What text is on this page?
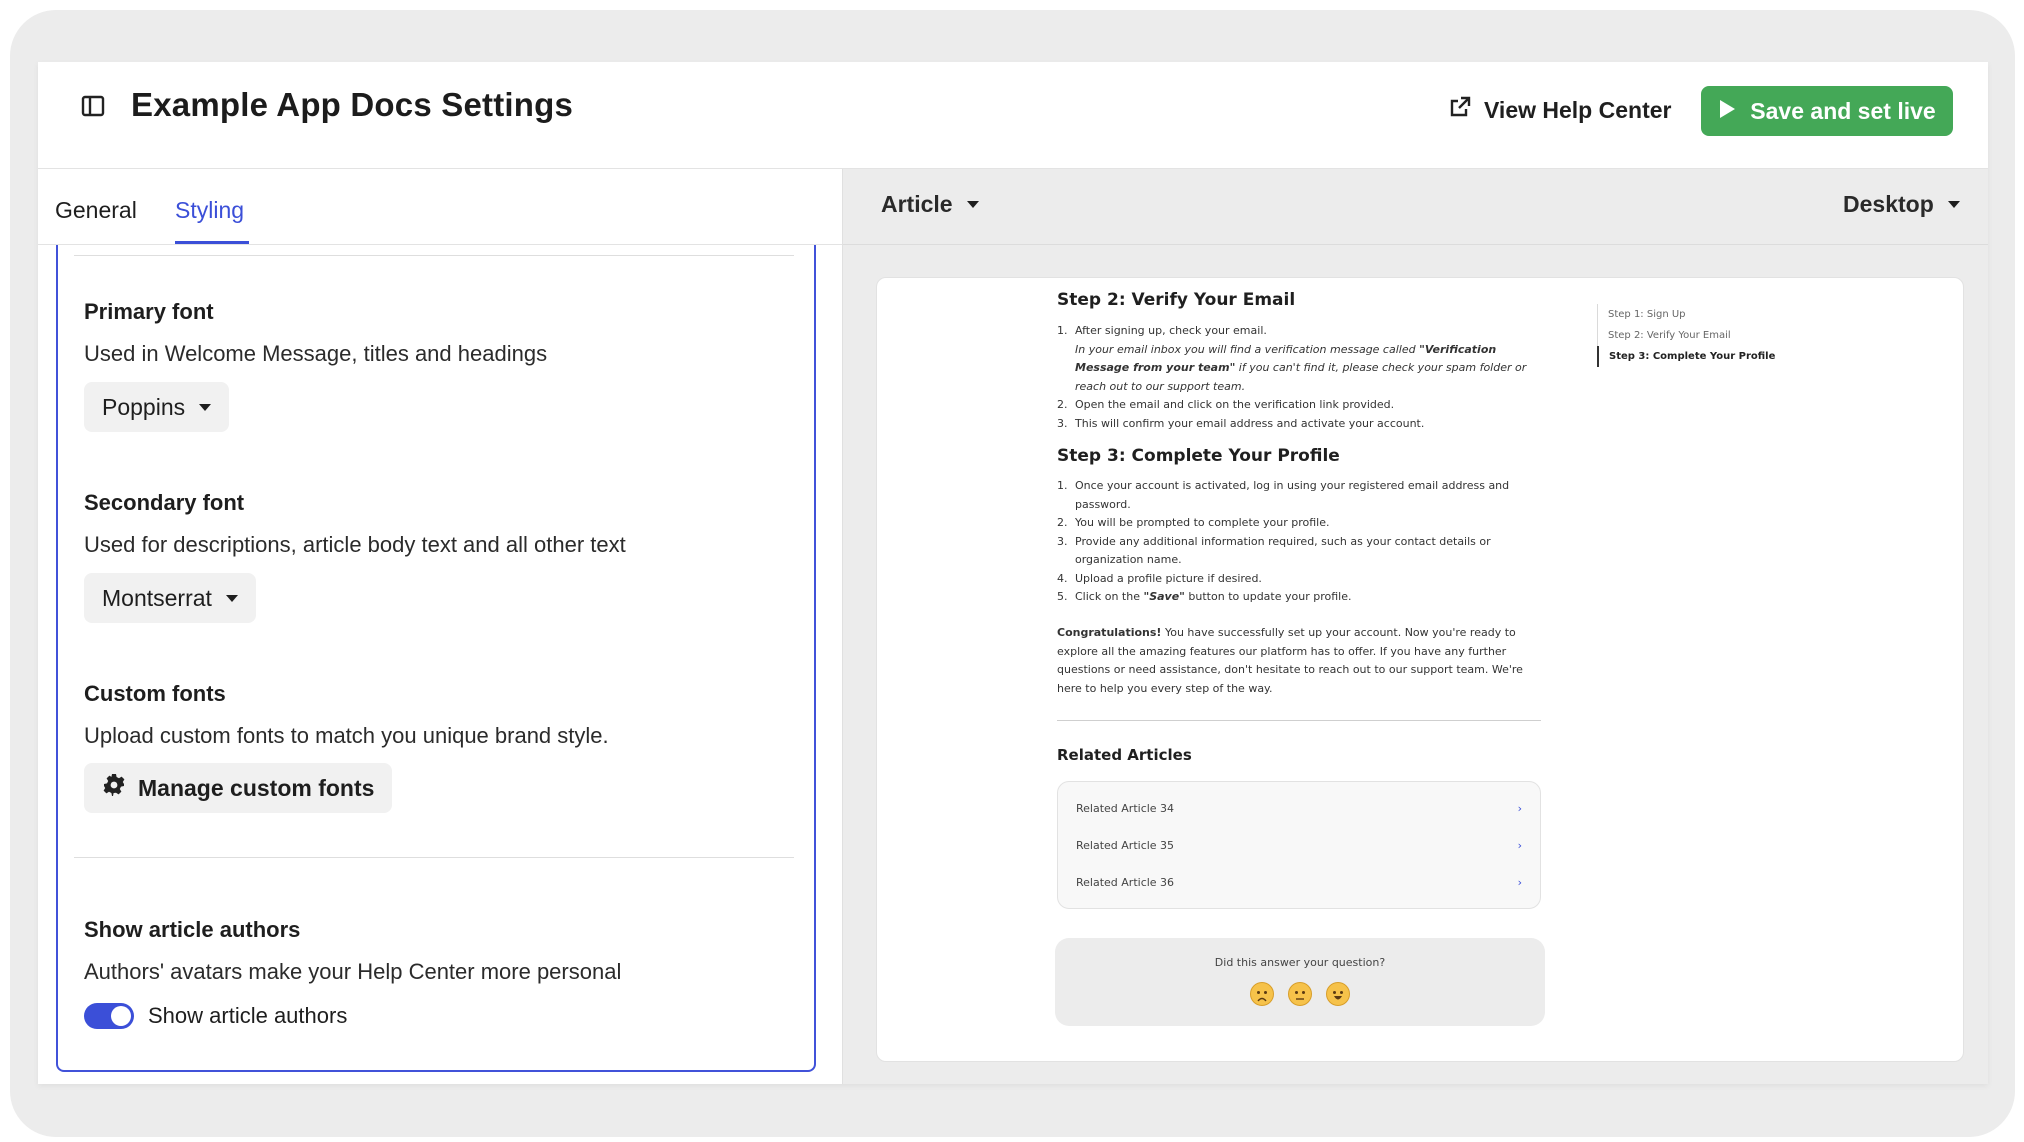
Example App Docs Settings	View Help Center	Save and set live
General Styling
Primary font
Used in Welcome Message, titles and headings
Poppins
Secondary font
Used for descriptions, article body text and all other text
Montserrat
Custom fonts
Upload custom fonts to match you unique brand style.
Manage custom fonts
Show article authors
Authors' avatars make your Help Center more personal
Show article authors
Article	Desktop
Step 2: Verify Your Email
1. After signing up, check your email.
In your email inbox you will find a verification message called "Verification Message from your team" if you can't find it, please check your spam folder or reach out to our support team.
2. Open the email and click on the verification link provided.
3. This will confirm your email address and activate your account.
Step 3: Complete Your Profile
1. Once your account is activated, log in using your registered email address and password.
2. You will be prompted to complete your profile.
3. Provide any additional information required, such as your contact details or organization name.
4. Upload a profile picture if desired.
5. Click on the "Save" button to update your profile.
Congratulations! You have successfully set up your account. Now you're ready to explore all the amazing features our platform has to offer. If you have any further questions or need assistance, don't hesitate to reach out to our support team. We're here to help you every step of the way.
Related Articles
Related Article 34	›
Related Article 35	›
Related Article 36	›
Did this answer your question?
Step 1: Sign Up
Step 2: Verify Your Email
Step 3: Complete Your Profile
